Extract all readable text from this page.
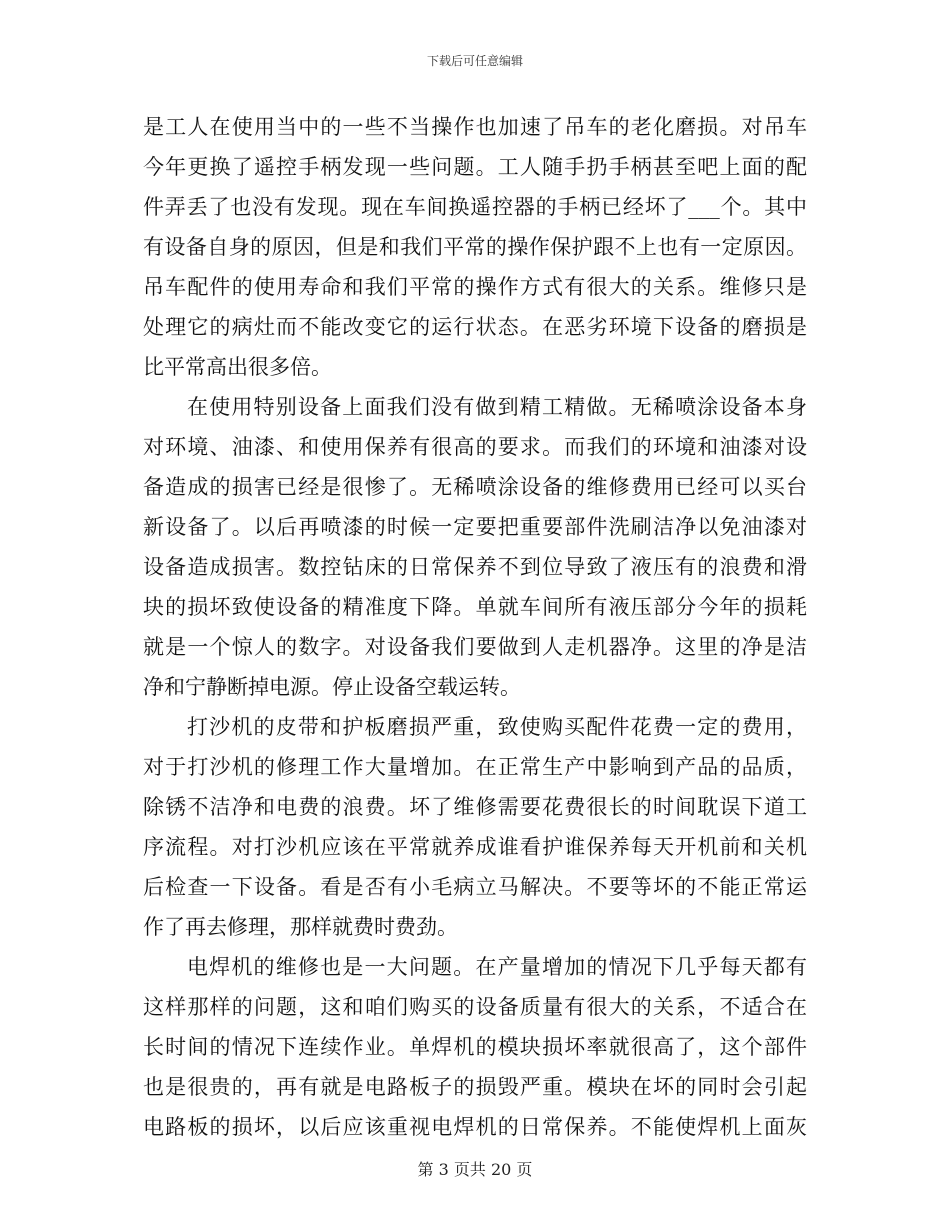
下载后可任意编辑
是工人在使用当中的一些不当操作也加速了吊车的老化磨损。对吊车
今年更换了遥控手柄发现一些问题。工人随手扔手柄甚至吧上面的配
件弄丢了也没有发现。现在车间换遥控器的手柄已经坏了___个。其中
有设备自身的原因，但是和我们平常的操作保护跟不上也有一定原因。
吊车配件的使用寿命和我们平常的操作方式有很大的关系。维修只是
处理它的病灶而不能改变它的运行状态。在恶劣环境下设备的磨损是
比平常高出很多倍。
在使用特别设备上面我们没有做到精工精做。无稀喷涂设备本身
对环境、油漆、和使用保养有很高的要求。而我们的环境和油漆对设
备造成的损害已经是很惨了。无稀喷涂设备的维修费用已经可以买台
新设备了。以后再喷漆的时候一定要把重要部件洗刷洁净以免油漆对
设备造成损害。数控钻床的日常保养不到位导致了液压有的浪费和滑
块的损坏致使设备的精准度下降。单就车间所有液压部分今年的损耗
就是一个惊人的数字。对设备我们要做到人走机器净。这里的净是洁
净和宁静断掉电源。停止设备空载运转。
打沙机的皮带和护板磨损严重，致使购买配件花费一定的费用，
对于打沙机的修理工作大量增加。在正常生产中影响到产品的品质，
除锈不洁净和电费的浪费。坏了维修需要花费很长的时间耽误下道工
序流程。对打沙机应该在平常就养成谁看护谁保养每天开机前和关机
后检查一下设备。看是否有小毛病立马解决。不要等坏的不能正常运
作了再去修理，那样就费时费劲。
电焊机的维修也是一大问题。在产量增加的情况下几乎每天都有
这样那样的问题，这和咱们购买的设备质量有很大的关系，不适合在
长时间的情况下连续作业。单焊机的模块损坏率就很高了，这个部件
也是很贵的，再有就是电路板子的损毁严重。模块在坏的同时会引起
电路板的损坏，以后应该重视电焊机的日常保养。不能使焊机上面灰
第 3 页共 20 页
